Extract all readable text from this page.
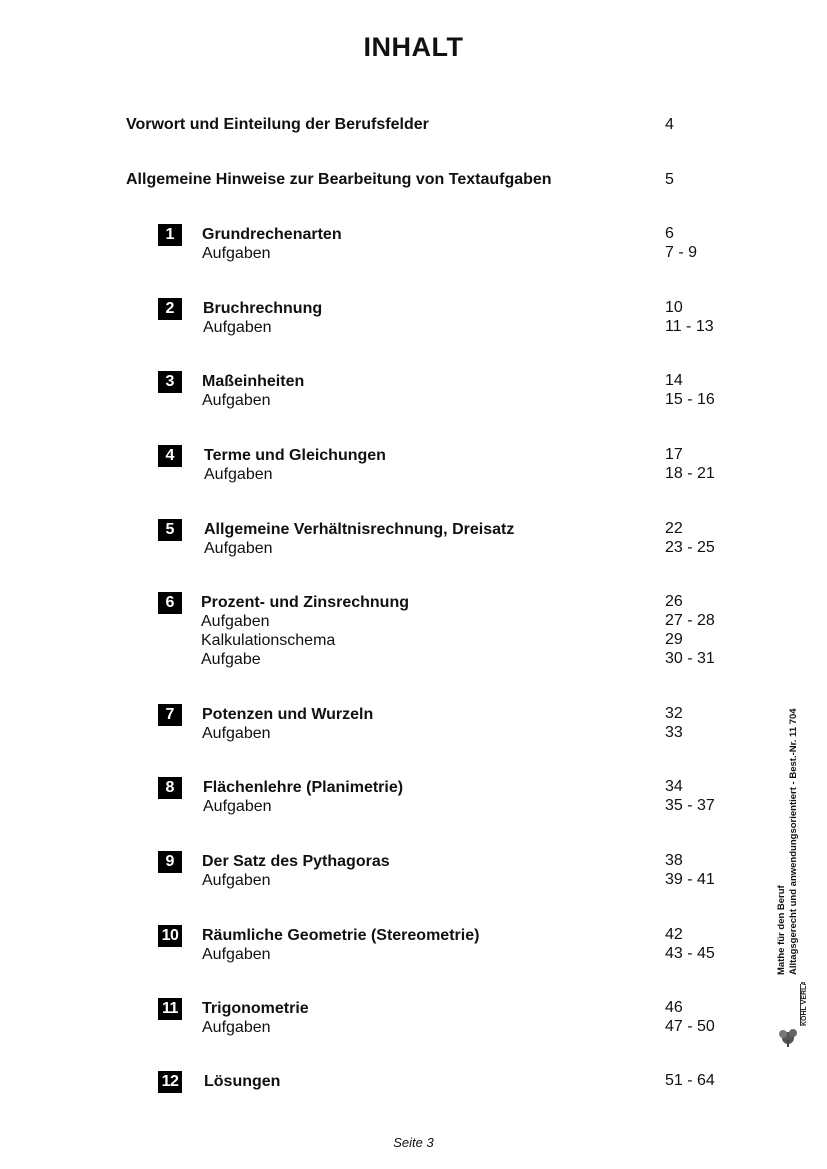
INHALT
Vorwort und Einteilung der Berufsfelder	4
Allgemeine Hinweise zur Bearbeitung von Textaufgaben	5
1	Grundrechenarten	6
Aufgaben	7 - 9
2	Bruchrechnung	10
Aufgaben	11 - 13
3	Maßeinheiten	14
Aufgaben	15 - 16
4	Terme und Gleichungen	17
Aufgaben	18 - 21
5	Allgemeine Verhältnisrechnung, Dreisatz	22
Aufgaben	23 - 25
6	Prozent- und Zinsrechnung	26
Aufgaben	27 - 28
Kalkulationschema	29
Aufgabe	30 - 31
7	Potenzen und Wurzeln	32
Aufgaben	33
8	Flächenlehre (Planimetrie)	34
Aufgaben	35 - 37
9	Der Satz des Pythagoras	38
Aufgaben	39 - 41
10 Räumliche Geometrie (Stereometrie)	42
Aufgaben	43 - 45
11 Trigonometrie	46
Aufgaben	47 - 50
12 Lösungen	51 - 64
Seite 3
Mathe für den Beruf Alltagsgerecht und anwendungsorientiert - Best.-Nr. 11 704
KOHL VERLAG
